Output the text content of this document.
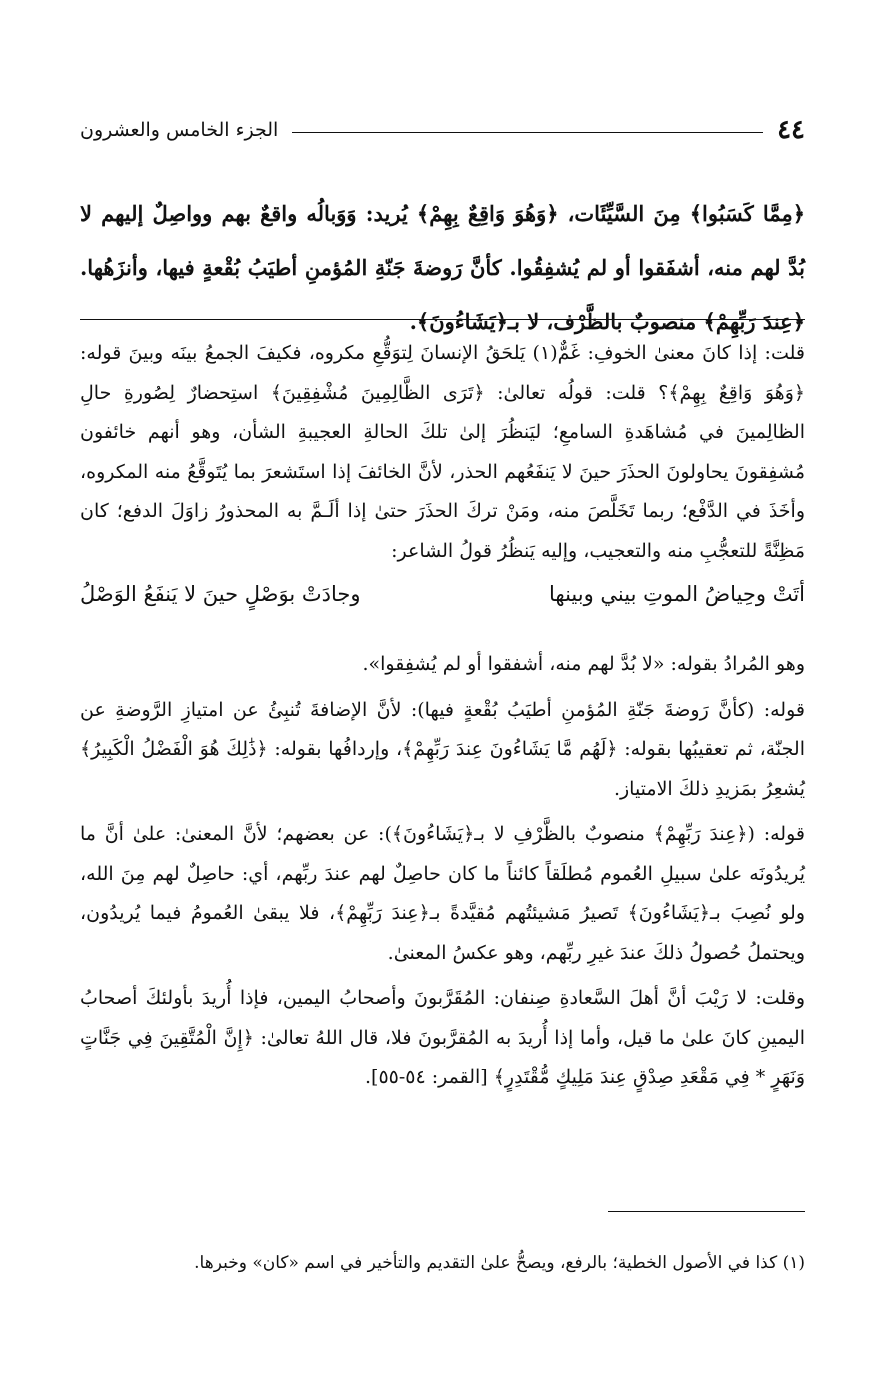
٤٤
الجزء الخامس والعشرون

﴿مِمَّا كَسَبُوا﴾ مِنَ السَّيِّئَات، ﴿وَهُوَ وَاقِعٌ بِهِمْ﴾ يُريد: وَوَبالُه واقعٌ بهم وواصِلٌ إليهم لا بُدَّ لهم منه، أشفَقوا أو لم يُشفِقُوا. كأنَّ رَوضةَ جَنّةِ المُؤمنِ أطيَبُ بُقْعةٍ فيها، وأنزَهُها. ﴿عِندَ رَبِّهِمْ﴾ منصوبٌ بالظَّرْف، لا بـ﴿يَشَاءُونَ﴾.

قلت: إذا كانَ معنىٰ الخوفِ: غَمٌّ(١) يَلحَقُ الإنسانَ لِتوَقُّعِ مكروه، فكيفَ الجمعُ بينَه وبينَ قوله: ﴿وَهُوَ وَاقِعٌ بِهِمْ﴾؟ قلت: قولُه تعالىٰ: ﴿تَرَى الظَّالِمِينَ مُشْفِقِينَ﴾ استِحضارٌ لِصُورةِ حالِ الظالِمينَ في مُشاهَدةِ السامعِ؛ ليَنظُرَ إلىٰ تلكَ الحالةِ العجيبةِ الشأن، وهو أنهم خائفون مُشفِقونَ يحاولونَ الحذَرَ حينَ لا يَنفَعُهم الحذر، لأنَّ الخائفَ إذا استَشعرَ بما يُتَوقَّعُ منه المكروه، وأخَذَ في الدَّفْع؛ ربما تَخَلَّصَ منه، ومَنْ تركَ الحذَرَ حتىٰ إذا ألَـمَّ به المحذورُ زاوَلَ الدفع؛ كان مَظِنَّةً للتعجُّبِ منه والتعجيب، وإليه يَنظُرُ قولُ الشاعر:

أتَتْ وحِياضُ الموتِ بيني وبينها
وجادَتْ بوَصْلٍ حينَ لا يَنفَعُ الوَصْلُ

وهو المُرادُ بقوله: «لا بُدَّ لهم منه، أشفقوا أو لم يُشفِقوا».

قوله: (كأنَّ رَوضةَ جَنّةِ المُؤمنِ أطيَبُ بُقْعةٍ فيها): لأنَّ الإضافةَ تُنبِئُ عن امتيازِ الرَّوضةِ عن الجنّة، ثم تعقيبُها بقوله: ﴿لَهُم مَّا يَشَاءُونَ عِندَ رَبِّهِمْ﴾، وإردافُها بقوله: ﴿ذَٰلِكَ هُوَ الْفَضْلُ الْكَبِيرُ﴾ يُشعِرُ بمَزيدِ ذلكَ الامتياز.

قوله: (﴿عِندَ رَبِّهِمْ﴾ منصوبٌ بالظَّرْفِ لا بـ﴿يَشَاءُونَ﴾): عن بعضهم؛ لأنَّ المعنىٰ: علىٰ أنَّ ما يُريدُونَه علىٰ سبيلِ العُموم مُطلَقاً كائناً ما كان حاصِلٌ لهم عندَ ربِّهم، أي: حاصِلٌ لهم مِنَ الله، ولو نُصِبَ بـ﴿يَشَاءُونَ﴾ تَصيرُ مَشيئتُهم مُقيَّدةً بـ﴿عِندَ رَبِّهِمْ﴾، فلا يبقىٰ العُمومُ فيما يُريدُون، ويحتملُ حُصولُ ذلكَ عندَ غيرِ ربِّهم، وهو عكسُ المعنىٰ.

وقلت: لا رَيْبَ أنَّ أهلَ السَّعادةِ صِنفان: المُقَرَّبونَ وأصحابُ اليمين، فإذا أُريدَ بأولئكَ أصحابُ اليمينِ كانَ علىٰ ما قيل، وأما إذا أُريدَ به المُقرَّبونَ فلا، قال اللهُ تعالىٰ: ﴿إِنَّ الْمُتَّقِينَ فِي جَنَّاتٍ وَنَهَرٍ * فِي مَقْعَدِ صِدْقٍ عِندَ مَلِيكٍ مُّقْتَدِرٍ﴾ [القمر: ٥٤-٥٥].

(١) كذا في الأصول الخطية؛ بالرفع، ويصحُّ علىٰ التقديم والتأخير في اسم «كان» وخبرها.
